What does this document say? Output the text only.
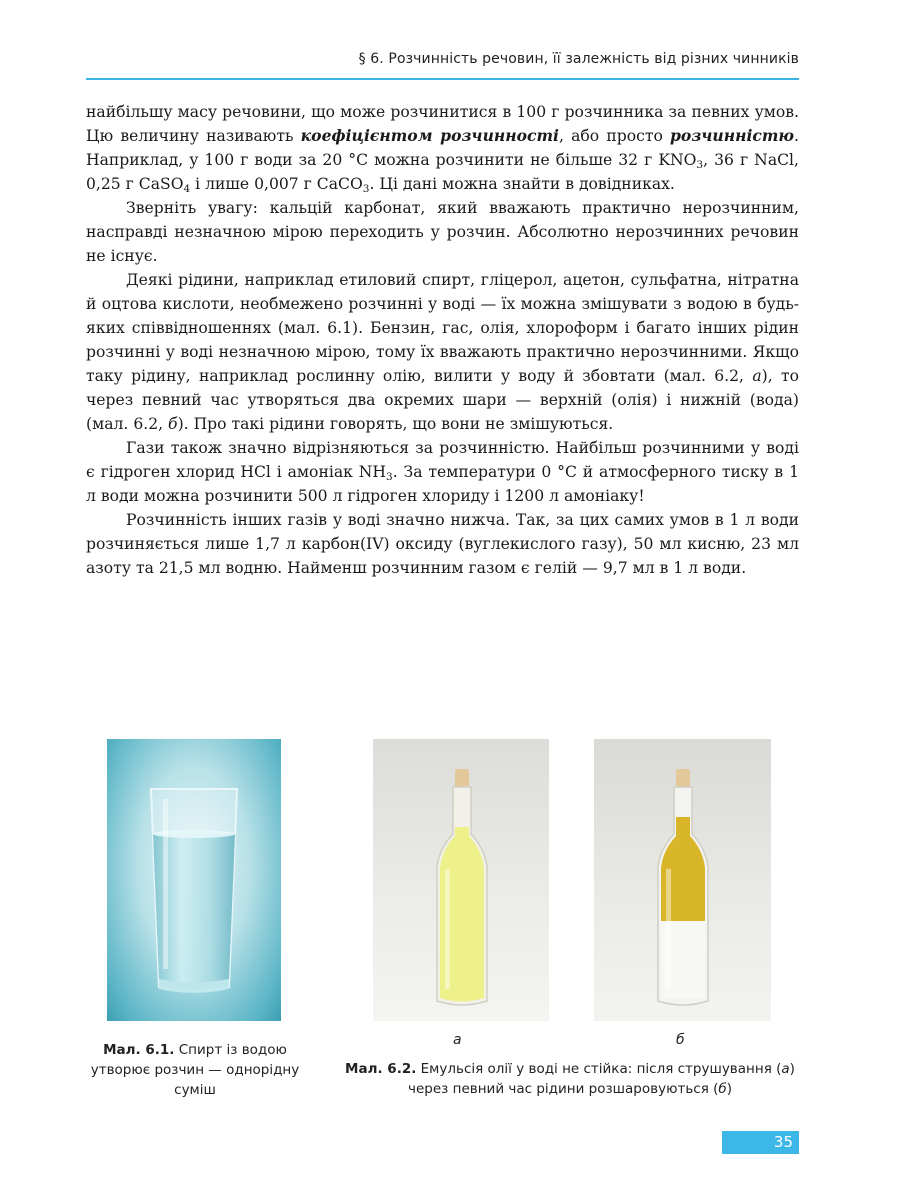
§ 6. Розчинність речовин, її залежність від різних чинників

найбільшу масу речовини, що може розчинитися в 100 г розчинника за певних умов. Цю величину називають коефіцієнтом розчинності, або просто розчинністю. Наприклад, у 100 г води за 20 °C можна розчинити не більше 32 г $KNO_3$, 36 г NaCl, 0,25 г CaSO$_4$ і лише 0,007 г CaCO$_3$. Ці дані можна знайти в довідниках.

Зверніть увагу: кальцій карбонат, який вважають практично нерозчинним, насправді незначною мірою переходить у розчин. Абсолютно нерозчинних речовин не існує.

Деякі рідини, наприклад етиловий спирт, гліцерол, ацетон, сульфатна, нітратна й оцтова кислоти, необмежено розчинні у воді — їх можна змішувати з водою в будь-яких співвідношеннях (мал. 6.1). Бензин, гас, олія, хлороформ і багато інших рідин розчинні у воді незначною мірою, тому їх вважають практично нерозчинними. Якщо таку рідину, наприклад рослинну олію, вилити у воду й збовтати (мал. 6.2, а), то через певний час утворяться два окремих шари — верхній (олія) і нижній (вода) (мал. 6.2, б). Про такі рідини говорять, що вони не змішуються.

Гази також значно відрізняються за розчинністю. Найбільш розчинними у воді є гідроген хлорид HCl і амоніак $NH_3$. За температури 0 °C й атмосферного тиску в 1 л води можна розчинити 500 л гідроген хлориду і 1200 л амоніаку!

Розчинність інших газів у воді значно нижча. Так, за цих самих умов в 1 л води розчиняється лише 1,7 л карбон(IV) оксиду (вуглекислого газу), 50 мл кисню, 23 мл азоту та 21,5 мл водню. Найменш розчинним газом є гелій — 9,7 мл в 1 л води.

а	б
Мал. 6.1. Спирт із водою утворює розчин — однорідну суміш
Мал. 6.2. Емульсія олії у воді не стійка: після струшування (а) через певний час рідини розшаровуються (б)
35
